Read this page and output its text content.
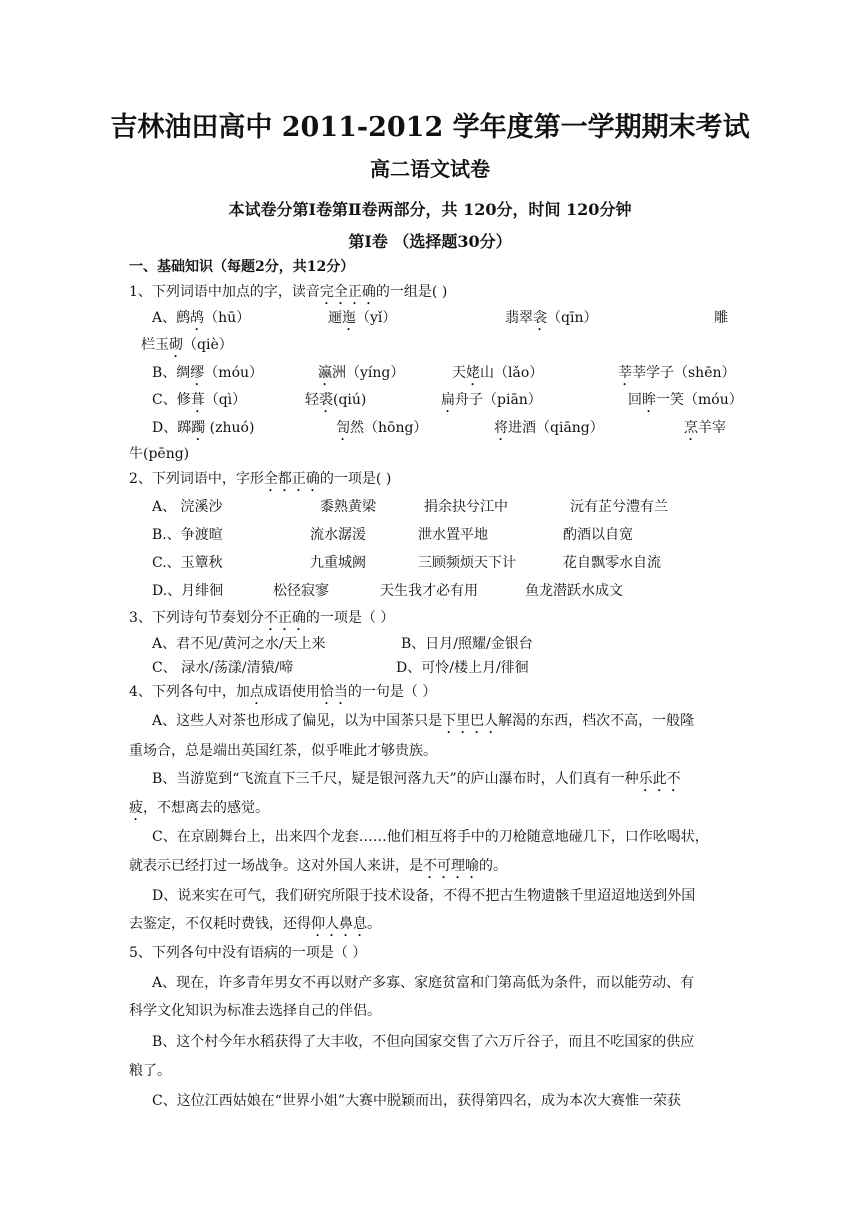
吉林油田高中 2011-2012 学年度第一学期期末考试
高二语文试卷
本试卷分第Ⅰ卷第Ⅱ卷两部分，共 120分，时间 120分钟
第Ⅰ卷 （选择题30分）
一、基础知识（每题2分，共12分）
1、下列词语中加点的字，读音完全正确的一组是( )
A、鹧鸪（hū）	逦迤（yǐ）	翡翠衾（qīn）	雕
栏玉砌（qiè）
B、绸缪（móu）	瀛洲（yíng）	天姥山（lǎo）	莘莘学子（shēn）
C、修葺（qì）	轻裘(qiú)	扁舟子（piān）	回眸一笑（móu）
D、踯躅 (zhuó)	訇然（hōng）	将进酒（qiāng）	烹羊宰
牛(pēng)
2、下列词语中，字形全都正确的一项是( )
A、 浣溪沙	黍熟黄梁	捐余抉兮江中	沅有芷兮澧有兰
B.、争渡暄	流水潺湲	泄水置平地	酌酒以自宽
C.、玉簟秋	九重城阙	三顾频烦天下计	花自飘零水自流
D.、月绯徊	松径寂寥	天生我才必有用	鱼龙潜跃水成文
3、下列诗句节奏划分不正确的一项是（ ）
A、君不见/黄河之水/天上来	B、日月/照耀/金银台
C、 渌水/荡漾/清猿/啼	D、可怜/楼上月/徘徊
4、下列各句中，加点成语使用恰当的一句是（ ）
A、这些人对茶也形成了偏见，以为中国茶只是下里巴人解渴的东西，档次不高，一般隆
重场合，总是端出英国红茶，似乎唯此才够贵族。
B、当游览到“飞流直下三千尺，疑是银河落九天”的庐山瀑布时，人们真有一种乐此不
疲，不想离去的感觉。
C、在京剧舞台上，出来四个龙套……他们相互将手中的刀枪随意地碰几下，口作吆喝状，
就表示已经打过一场战争。这对外国人来讲，是不可理喻的。
D、说来实在可气，我们研究所限于技术设备，不得不把古生物遗骸千里迢迢地送到外国
去鉴定，不仅耗时费钱，还得仰人鼻息。
5、下列各句中没有语病的一项是（ ）
A、现在，许多青年男女不再以财产多寡、家庭贫富和门第高低为条件，而以能劳动、有
科学文化知识为标准去选择自己的伴侣。
B、这个村今年水稻获得了大丰收，不但向国家交售了六万斤谷子，而且不吃国家的供应
粮了。
C、这位江西姑娘在“世界小姐”大赛中脱颖而出，获得第四名，成为本次大赛惟一荣获
